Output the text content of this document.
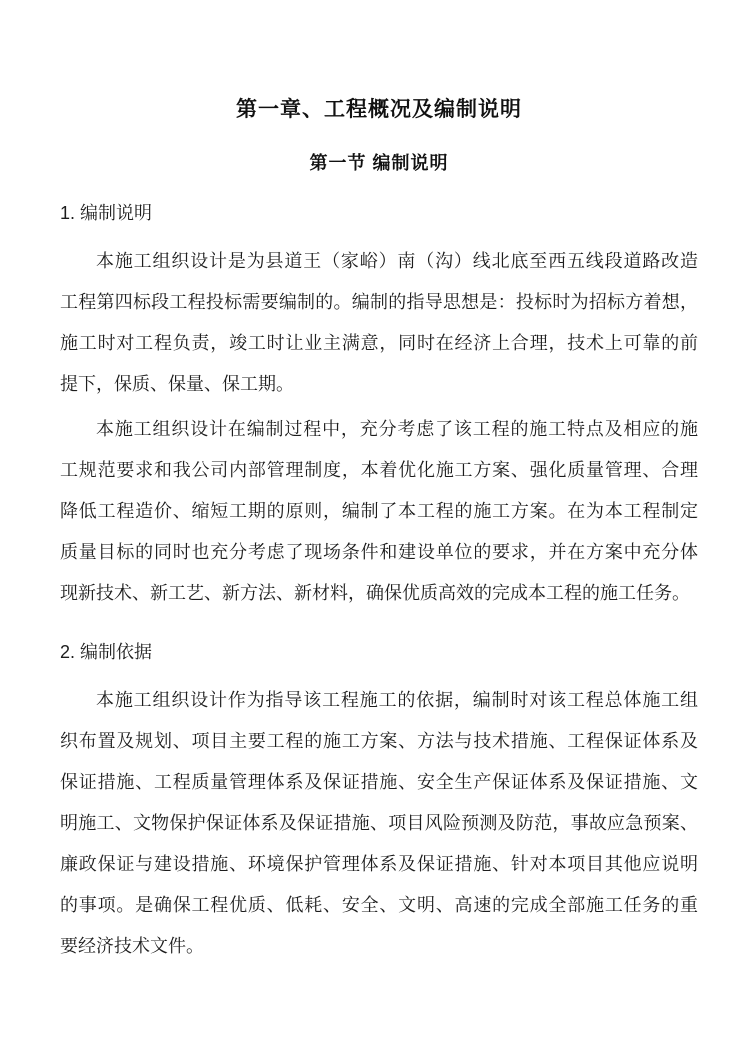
第一章、工程概况及编制说明
第一节 编制说明
1. 编制说明
本施工组织设计是为县道王（家峪）南（沟）线北底至西五线段道路改造
工程第四标段工程投标需要编制的。编制的指导思想是：投标时为招标方着想，
施工时对工程负责，竣工时让业主满意，同时在经济上合理，技术上可靠的前
提下，保质、保量、保工期。
本施工组织设计在编制过程中，充分考虑了该工程的施工特点及相应的施
工规范要求和我公司内部管理制度，本着优化施工方案、强化质量管理、合理
降低工程造价、缩短工期的原则，编制了本工程的施工方案。在为本工程制定
质量目标的同时也充分考虑了现场条件和建设单位的要求，并在方案中充分体
现新技术、新工艺、新方法、新材料，确保优质高效的完成本工程的施工任务。
2. 编制依据
本施工组织设计作为指导该工程施工的依据，编制时对该工程总体施工组
织布置及规划、项目主要工程的施工方案、方法与技术措施、工程保证体系及
保证措施、工程质量管理体系及保证措施、安全生产保证体系及保证措施、文
明施工、文物保护保证体系及保证措施、项目风险预测及防范，事故应急预案、
廉政保证与建设措施、环境保护管理体系及保证措施、针对本项目其他应说明
的事项。是确保工程优质、低耗、安全、文明、高速的完成全部施工任务的重
要经济技术文件。
